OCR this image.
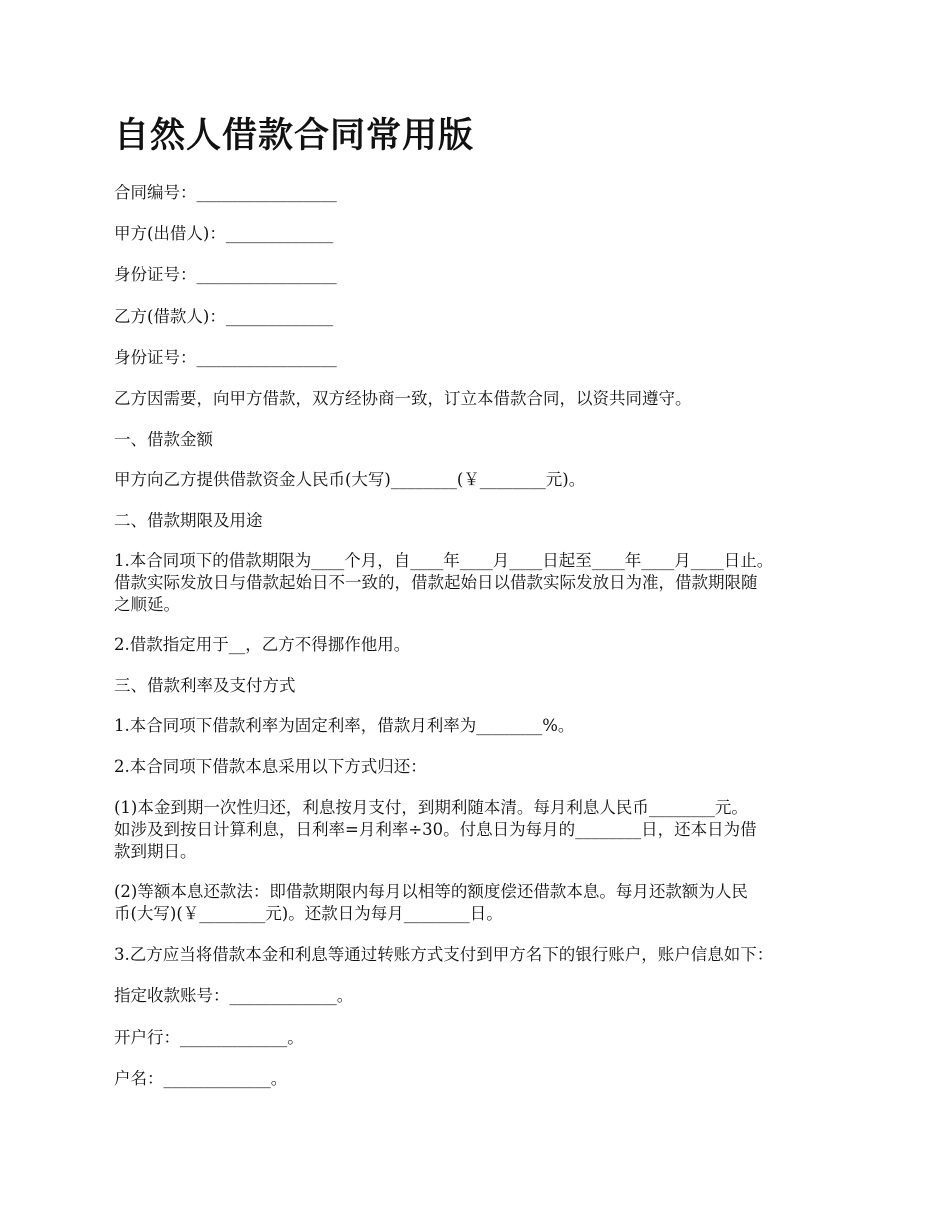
自然人借款合同常用版

合同编号：_________________

甲方(出借人)：_____________

身份证号：_________________

乙方(借款人)：_____________

身份证号：_________________

乙方因需要，向甲方借款，双方经协商一致，订立本借款合同，以资共同遵守。

一、借款金额

甲方向乙方提供借款资金人民币(大写)________(￥________元)。

二、借款期限及用途

1.本合同项下的借款期限为____个月，自____年____月____日起至____年____月____日止。

借款实际发放日与借款起始日不一致的，借款起始日以借款实际发放日为准，借款期限随

之顺延。

2.借款指定用于__，乙方不得挪作他用。

三、借款利率及支付方式

1.本合同项下借款利率为固定利率，借款月利率为________%。

2.本合同项下借款本息采用以下方式归还：

(1)本金到期一次性归还，利息按月支付，到期利随本清。每月利息人民币________元。

如涉及到按日计算利息，日利率=月利率÷30。付息日为每月的________日，还本日为借

款到期日。

(2)等额本息还款法：即借款期限内每月以相等的额度偿还借款本息。每月还款额为人民

币(大写)(￥________元)。还款日为每月________日。

3.乙方应当将借款本金和利息等通过转账方式支付到甲方名下的银行账户，账户信息如下：

指定收款账号：_____________。

开户行：_____________。

户名：_____________。
